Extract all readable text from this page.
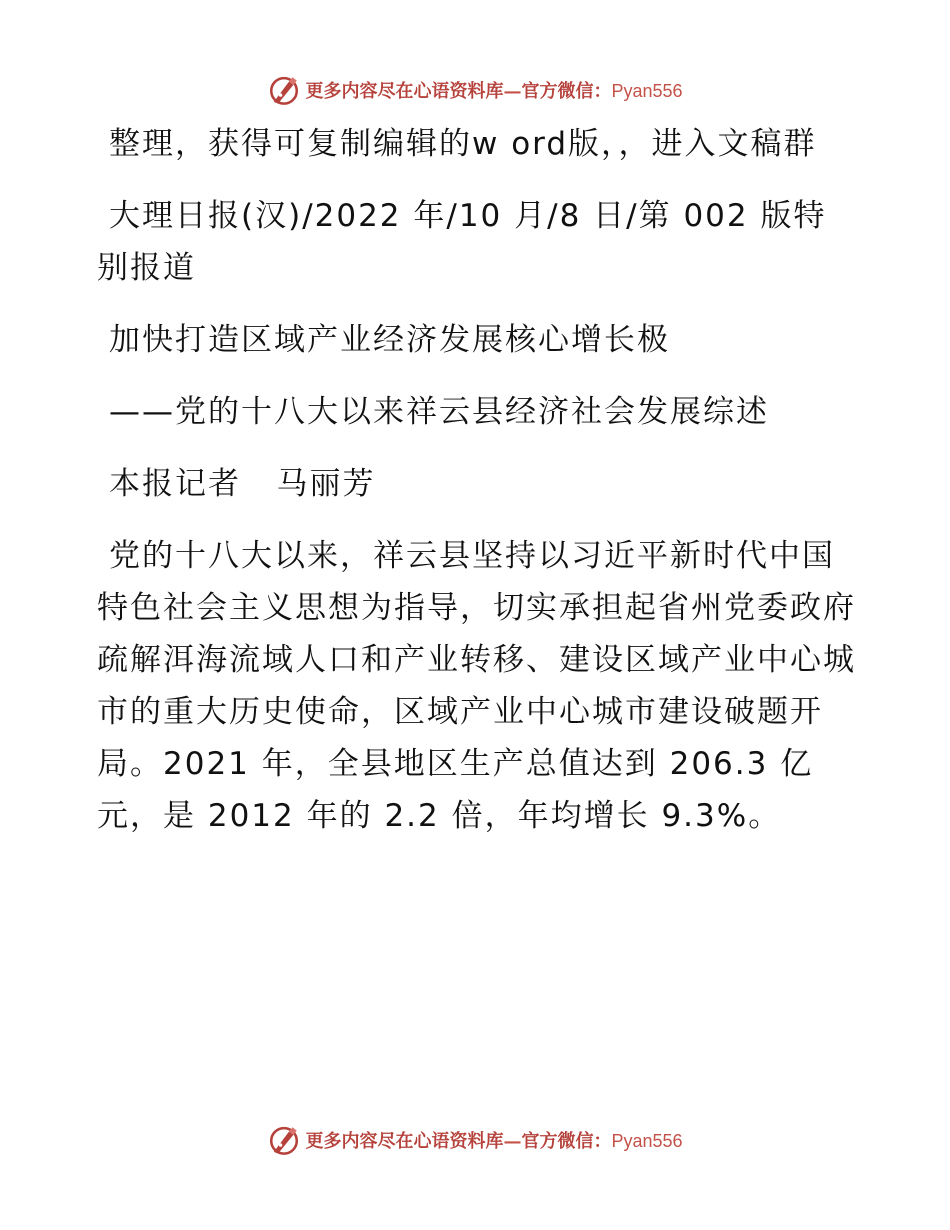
更多内容尽在心语资料库—官方微信：Pyan556

整理，获得可复制编辑的w ord版，，进入文稿群

大理日报(汉)/2022 年/10 月/8 日/第 002 版特别报道

加快打造区域产业经济发展核心增长极

——党的十八大以来祥云县经济社会发展综述

本报记者   马丽芳

党的十八大以来，祥云县坚持以习近平新时代中国特色社会主义思想为指导，切实承担起省州党委政府疏解洱海流域人口和产业转移、建设区域产业中心城市的重大历史使命，区域产业中心城市建设破题开局。2021 年，全县地区生产总值达到 206.3 亿元，是 2012 年的 2.2 倍，年均增长 9.3%。

更多内容尽在心语资料库—官方微信：Pyan556
